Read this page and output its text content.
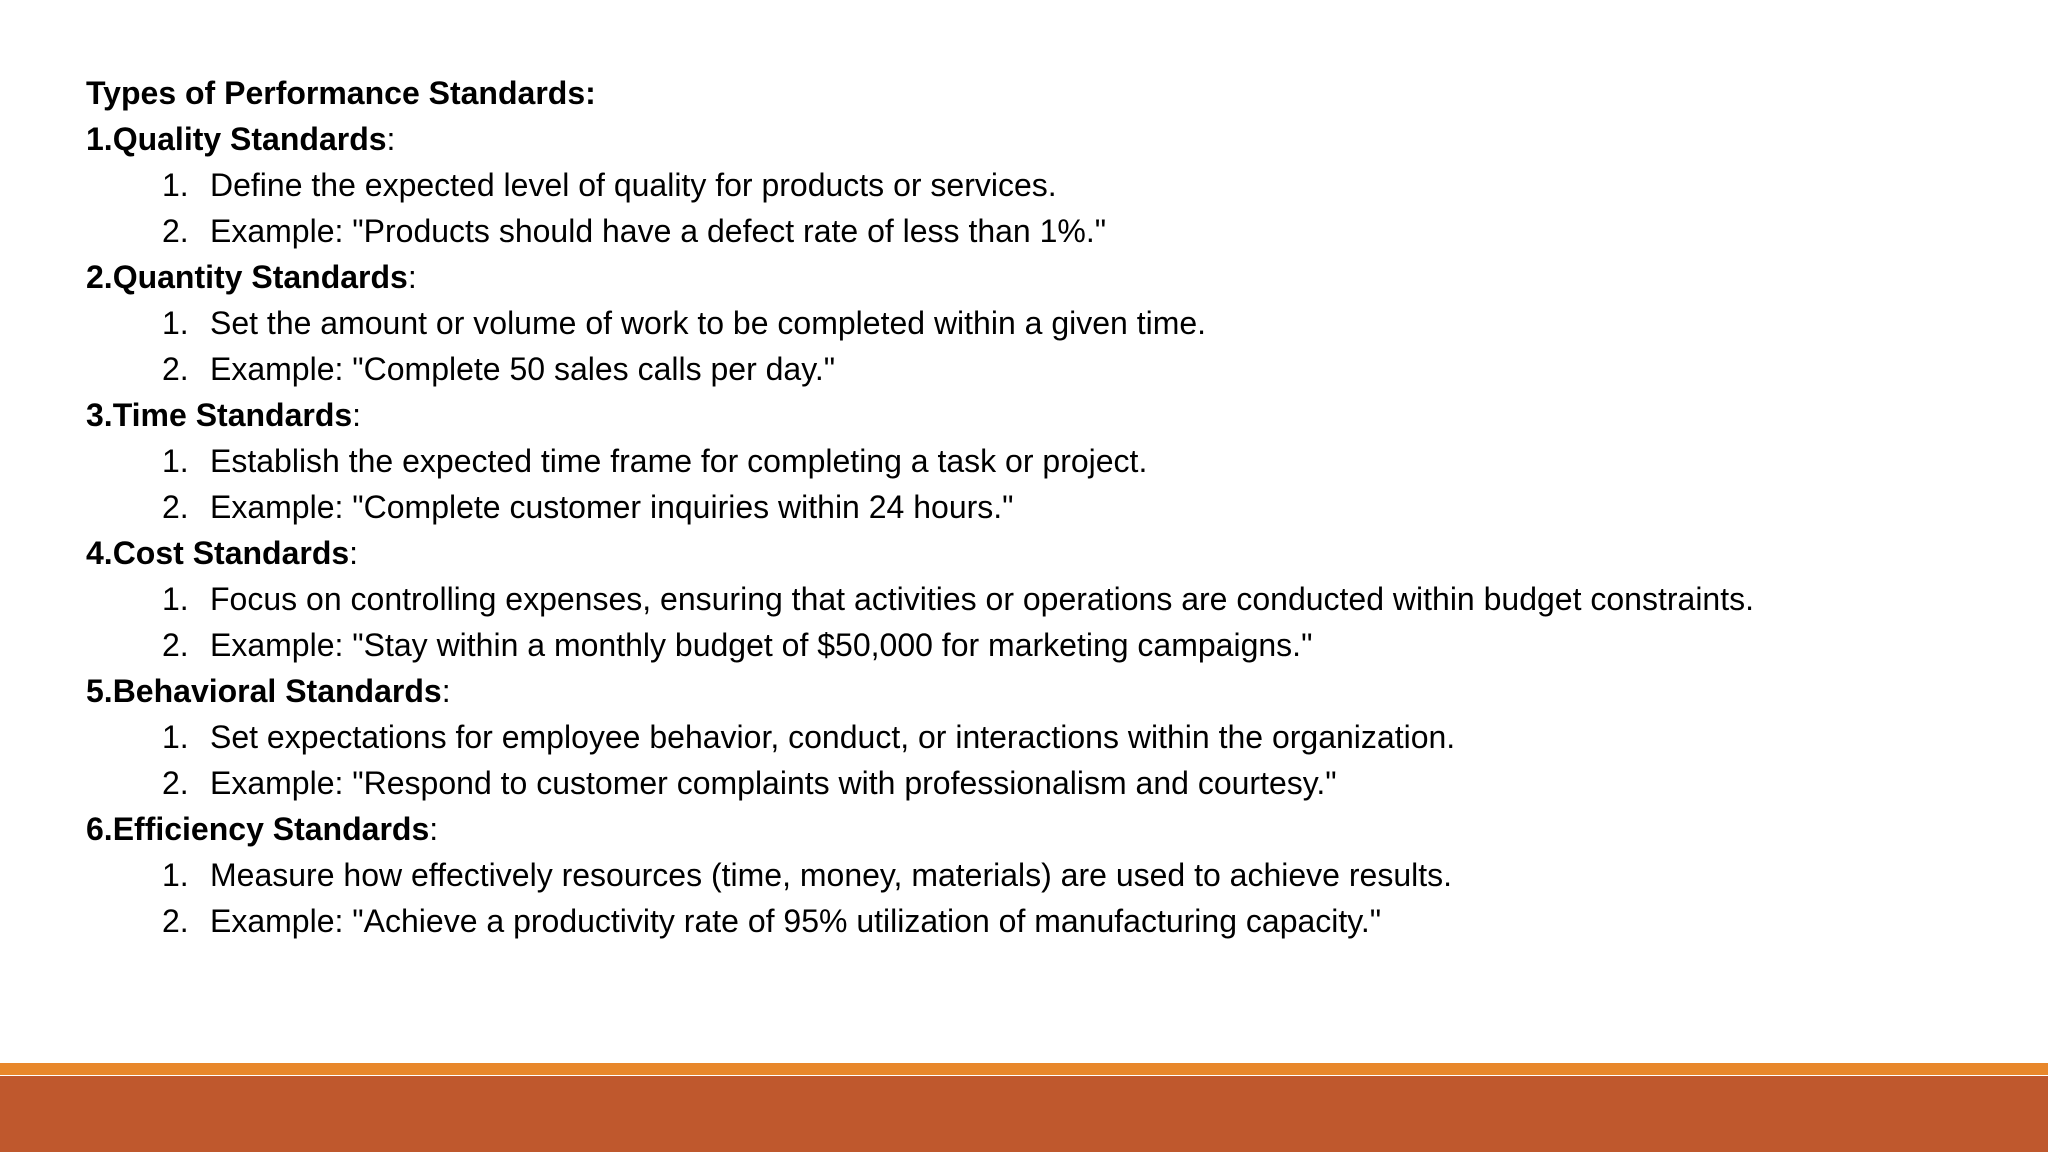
Types of Performance Standards:
1.Quality Standards:
1. Define the expected level of quality for products or services.
2. Example: "Products should have a defect rate of less than 1%."
2.Quantity Standards:
1. Set the amount or volume of work to be completed within a given time.
2. Example: "Complete 50 sales calls per day."
3.Time Standards:
1. Establish the expected time frame for completing a task or project.
2. Example: "Complete customer inquiries within 24 hours."
4.Cost Standards:
1. Focus on controlling expenses, ensuring that activities or operations are conducted within budget constraints.
2. Example: "Stay within a monthly budget of $50,000 for marketing campaigns."
5.Behavioral Standards:
1. Set expectations for employee behavior, conduct, or interactions within the organization.
2. Example: "Respond to customer complaints with professionalism and courtesy."
6.Efficiency Standards:
1. Measure how effectively resources (time, money, materials) are used to achieve results.
2. Example: "Achieve a productivity rate of 95% utilization of manufacturing capacity."
